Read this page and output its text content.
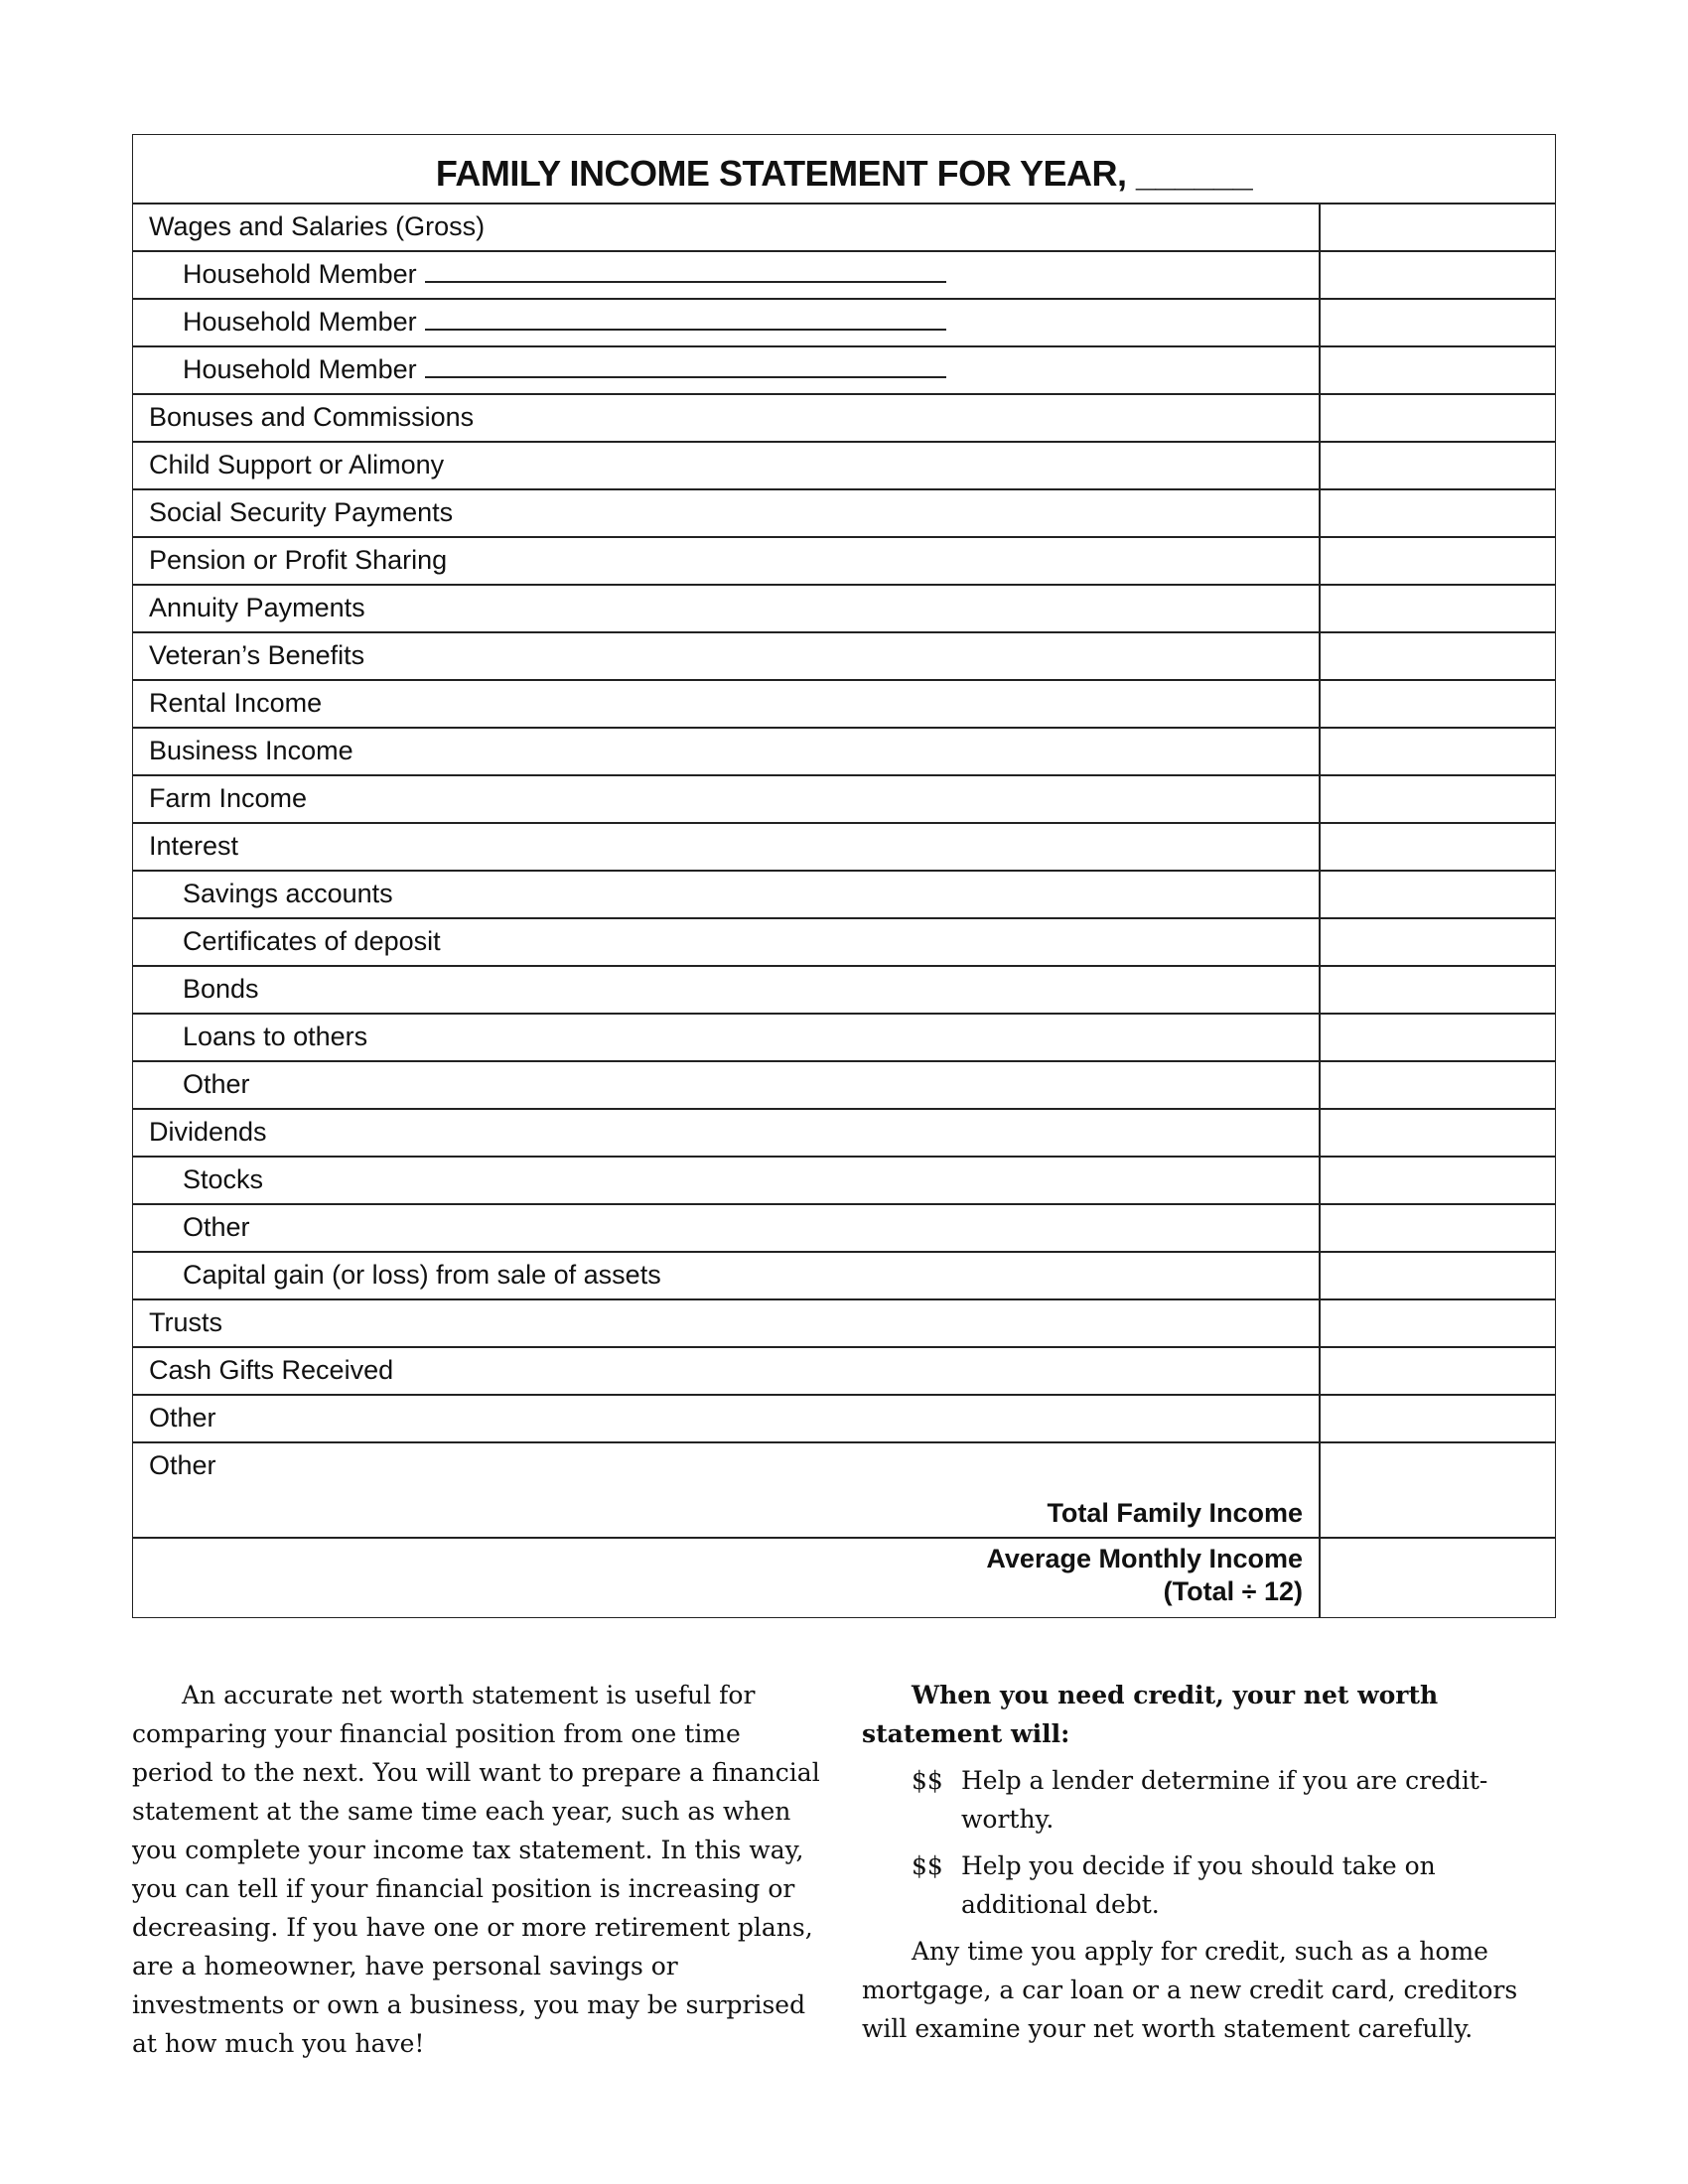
FAMILY INCOME STATEMENT FOR YEAR, ______
Wages and Salaries (Gross)
Household Member
Household Member
Household Member
Bonuses and Commissions
Child Support or Alimony
Social Security Payments
Pension or Profit Sharing
Annuity Payments
Veteran’s Benefits
Rental Income
Business Income
Farm Income
Interest
Savings accounts
Certificates of deposit
Bonds
Loans to others
Other
Dividends
Stocks
Other
Capital gain (or loss) from sale of assets
Trusts
Cash Gifts Received
Other
Other
Total Family Income
Average Monthly Income
(Total ÷ 12)

An accurate net worth statement is useful for comparing your financial position from one time period to the next. You will want to prepare a financial statement at the same time each year, such as when you complete your income tax statement. In this way, you can tell if your financial position is increasing or decreasing. If you have one or more retirement plans, are a homeowner, have personal savings or investments or own a business, you may be surprised at how much you have!

When you need credit, your net worth statement will:

$$ Help a lender determine if you are credit-worthy.
$$ Help you decide if you should take on additional debt.

Any time you apply for credit, such as a home mortgage, a car loan or a new credit card, creditors will examine your net worth statement carefully.
